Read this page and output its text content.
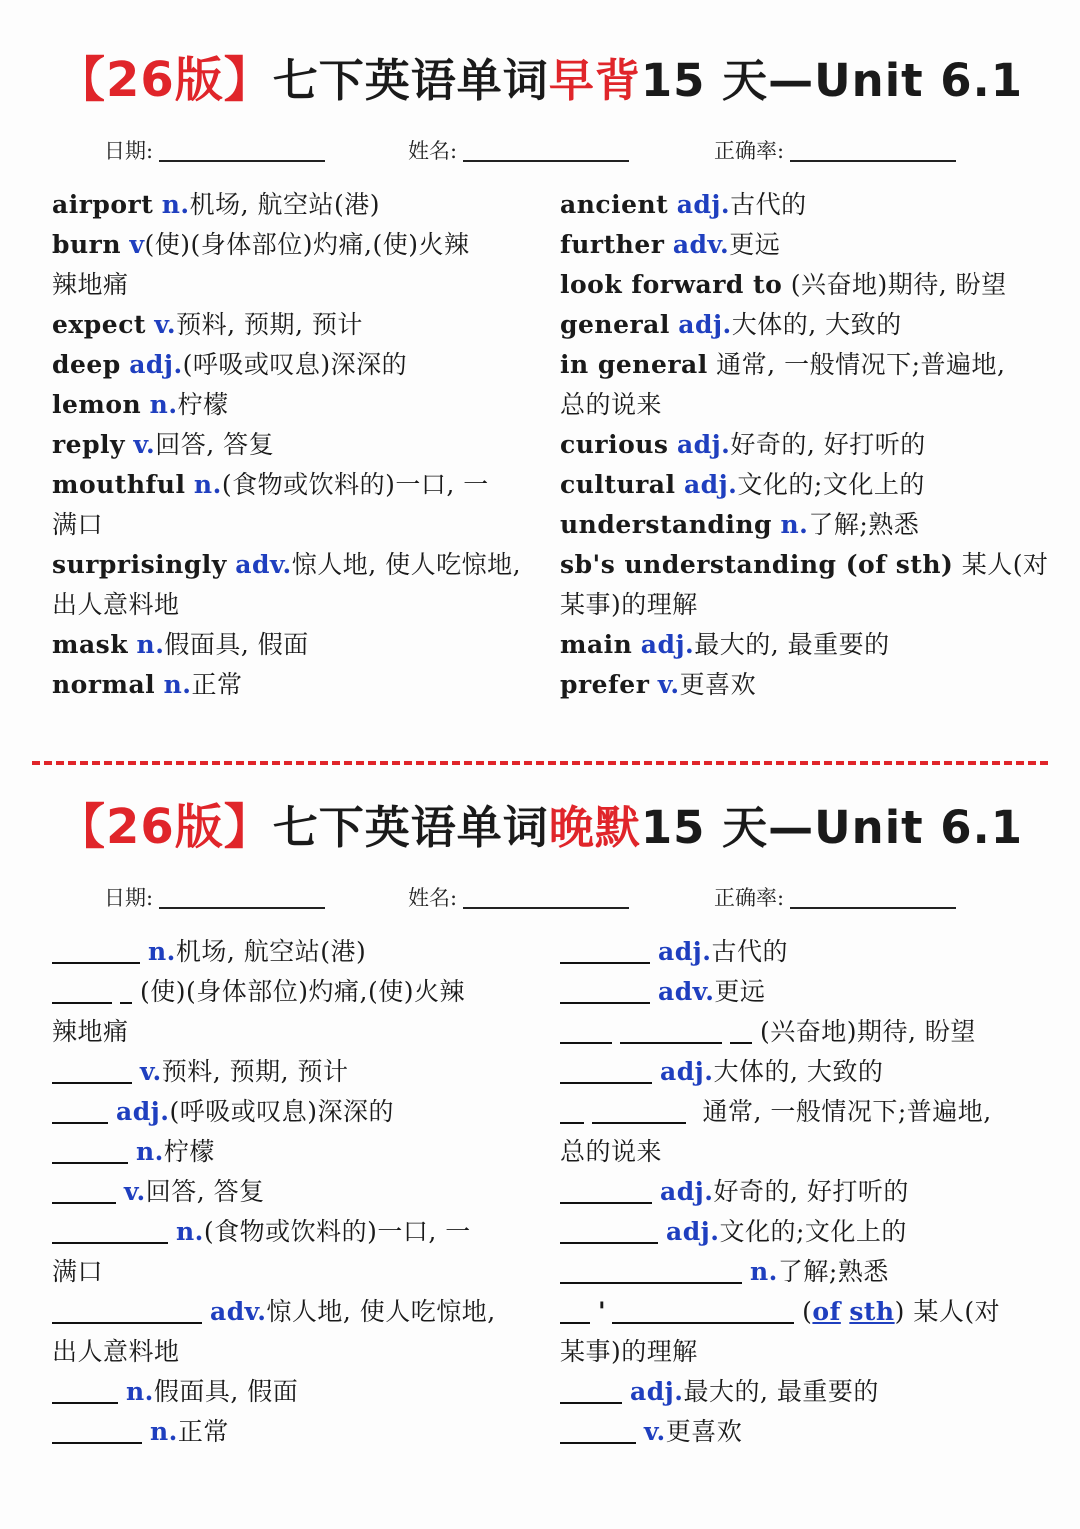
【26版】七下英语单词早背15 天—Unit 6.1
日期:	姓名:	正确率:
airport n.机场, 航空站(港)
burn v(使)(身体部位)灼痛,(使)火辣
辣地痛
expect v.预料, 预期, 预计
deep adj.(呼吸或叹息)深深的
lemon n.柠檬
reply v.回答, 答复
mouthful n.(食物或饮料的)一口, 一
满口
surprisingly adv.惊人地, 使人吃惊地,
出人意料地
mask n.假面具, 假面
normal n.正常
ancient adj.古代的
further adv.更远
look forward to (兴奋地)期待, 盼望
general adj.大体的, 大致的
in general 通常, 一般情况下;普遍地,
总的说来
curious adj.好奇的, 好打听的
cultural adj.文化的;文化上的
understanding n.了解;熟悉
sb's understanding (of sth) 某人(对
某事)的理解
main adj.最大的, 最重要的
prefer v.更喜欢
【26版】七下英语单词晚默15 天—Unit 6.1
日期:	姓名:	正确率:
n.机场, 航空站(港)
(使)(身体部位)灼痛,(使)火辣
辣地痛
v.预料, 预期, 预计
adj.(呼吸或叹息)深深的
n.柠檬
v.回答, 答复
n.(食物或饮料的)一口, 一
满口
adv.惊人地, 使人吃惊地,
出人意料地
n.假面具, 假面
n.正常
adj.古代的
adv.更远
(兴奋地)期待, 盼望
adj.大体的, 大致的
通常, 一般情况下;普遍地,
总的说来
adj.好奇的, 好打听的
adj.文化的;文化上的
n.了解;熟悉
'	(of sth) 某人(对
某事)的理解
adj.最大的, 最重要的
v.更喜欢
